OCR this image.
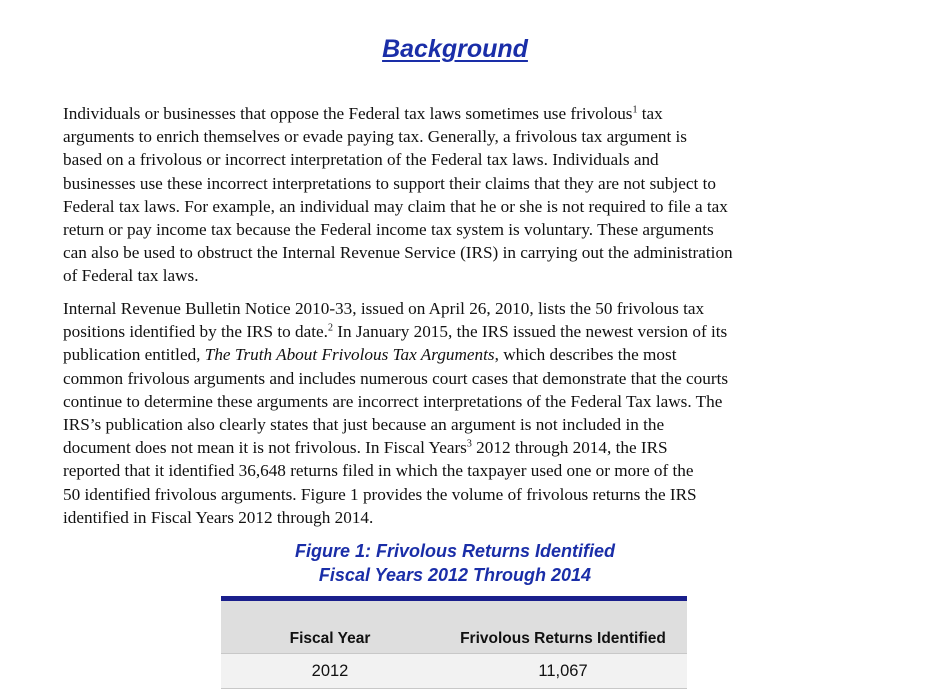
Background

Individuals or businesses that oppose the Federal tax laws sometimes use frivolous$^1$ tax
arguments to enrich themselves or evade paying tax. Generally, a frivolous tax argument is
based on a frivolous or incorrect interpretation of the Federal tax laws. Individuals and
businesses use these incorrect interpretations to support their claims that they are not subject to
Federal tax laws. For example, an individual may claim that he or she is not required to file a tax
return or pay income tax because the Federal income tax system is voluntary. These arguments
can also be used to obstruct the Internal Revenue Service (IRS) in carrying out the administration
of Federal tax laws.

Internal Revenue Bulletin Notice 2010-33, issued on April 26, 2010, lists the 50 frivolous tax
positions identified by the IRS to date.$^2$ In January 2015, the IRS issued the newest version of its
publication entitled, The Truth About Frivolous Tax Arguments, which describes the most
common frivolous arguments and includes numerous court cases that demonstrate that the courts
continue to determine these arguments are incorrect interpretations of the Federal Tax laws. The
IRS’s publication also clearly states that just because an argument is not included in the
document does not mean it is not frivolous. In Fiscal Years$^3$ 2012 through 2014, the IRS
reported that it identified 36,648 returns filed in which the taxpayer used one or more of the
50 identified frivolous arguments. Figure 1 provides the volume of frivolous returns the IRS
identified in Fiscal Years 2012 through 2014.

Figure 1: Frivolous Returns Identified
Fiscal Years 2012 Through 2014
Fiscal Year	Frivolous Returns Identified
2012	11,067
